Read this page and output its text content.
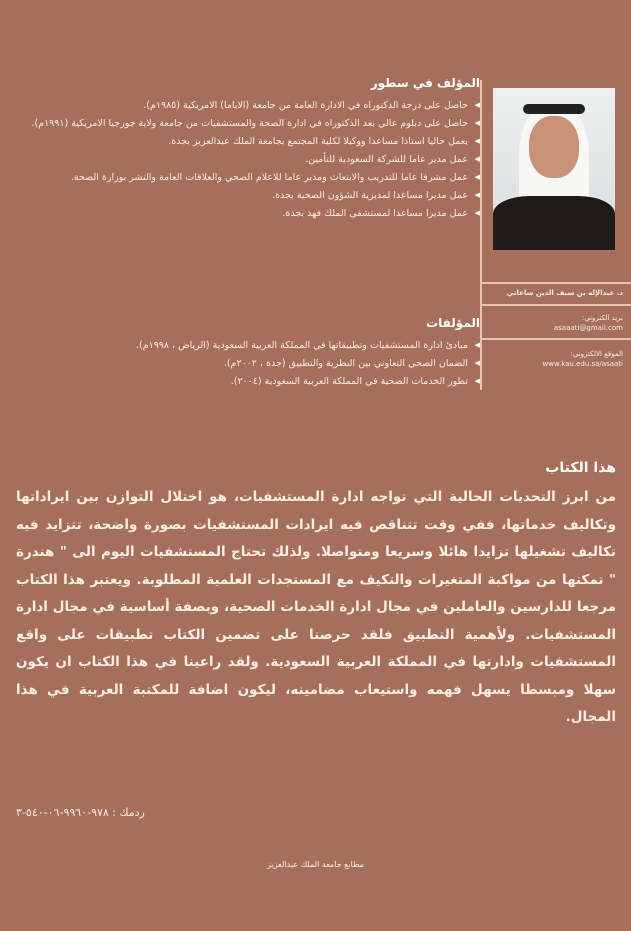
المؤلف في سطور
◀ حاصل على درجة الدكتوراه في الادارة العامة من جامعة (الاباما) الامريكية (١٩٨٥م).
◀ حاصل على دبلوم عالي بعد الدكتوراه في ادارة الصحة والمستشفيات من جامعة ولاية جورجيا الامريكية (١٩٩١م).
◀ يعمل حاليا استاذا مساعدا ووكيلا لكلية المجتمع بجامعة الملك عبدالعزيز بجدة.
◀ عمل مدير عاما للشركة السعودية للتأمين.
◀ عمل مشرفا عاما للتدريب والابتعاث ومدير عاما للاعلام الصحي والعلاقات العامة والنشر بوزارة الصحة.
◀ عمل مديرا مساعدا لمديرية الشؤون الصحية بجدة.
◀ عمل مديرا مساعدا لمستشفى الملك فهد بجدة.
المؤلفات
◀ مبادئ ادارة المستشفيات وتطبيقاتها في المملكة العربية السعودية (الرياض ، ١٩٩٨م).
◀ الضمان الصحي التعاوني بين النظرية والتطبيق (جدة ، ٢٠٠٢م).
◀ تطور الخدمات الصحية في المملكة العربية السعودية (٢٠٠٤).
د. عبدالإله بن سيف الدين ساعاتي
بريد الكتروني:
asaaati@gmail.com
الموقع الالكتروني:
www.kau.edu.sa/asaati
هذا الكتاب

من ابرز التحديات الحالية التي تواجه ادارة المستشفيات، هو اختلال التوازن بين ايراداتها وتكاليف خدماتها، ففي وقت تتناقص فيه ايرادات المستشفيات بصورة واضحة، تتزايد فيه تكاليف تشغيلها تزايدا هائلا وسريعا ومتواصلا. ولذلك تحتاج المستشفيات اليوم الى " هندرة " تمكنها من مواكبة المتغيرات والتكيف مع المستجدات العلمية المطلوبة. ويعتبر هذا الكتاب مرجعا للدارسين والعاملين في مجال ادارة الخدمات الصحية، وبصفة أساسية في مجال ادارة المستشفيات. ولأهمية التطبيق فلقد حرصنا على تضمين الكتاب تطبيقات على واقع المستشفيات وادارتها في المملكة العربية السعودية. ولقد راعينا في هذا الكتاب ان يكون سهلا ومبسطا يسهل فهمه واستيعاب مضامينه، ليكون اضافة للمكتبة العربية في هذا المجال.

ردمك : ٩٧٨-٩٩٦٠-٠٦-٥٤٠-٣
مطابع جامعة الملك عبدالعزيز
